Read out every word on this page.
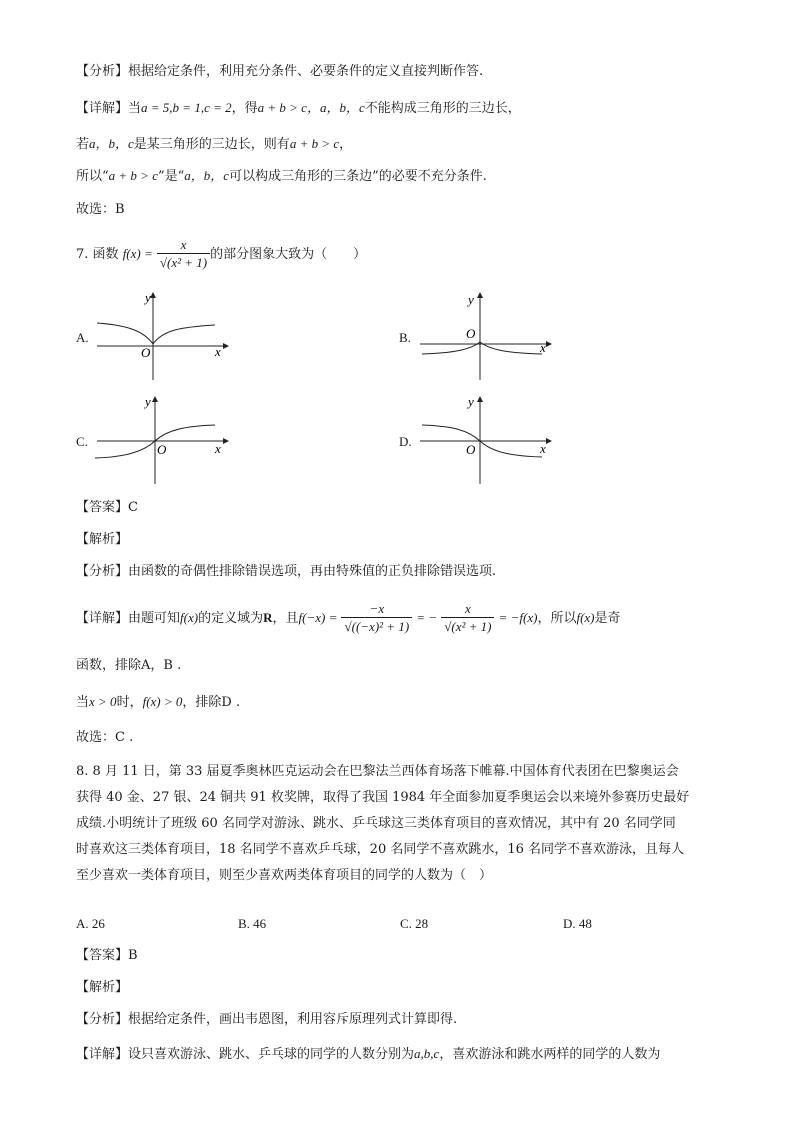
【分析】根据给定条件，利用充分条件、必要条件的定义直接判断作答.
【详解】当a = 5,b = 1,c = 2，得a + b > c，a，b，c不能构成三角形的三边长，
若a，b，c是某三角形的三边长，则有a + b > c，
所以“a + b > c”是“a，b，c可以构成三角形的三条边”的必要不充分条件.
故选：B
7. 函数 $f(x) = \frac{x}{\text{√(x² + 1)}}$ 的部分图象大致为（　　）
A.
y
x
O
B.
y
x
O
C.
y
x
O
D.
y
x
O
【答案】C
【解析】
【分析】由函数的奇偶性排除错误选项，再由特殊值的正负排除错误选项.
【详解】由题可知f(x)的定义域为R，且$f(-x) = \frac{-x}{\text{√((−x)² + 1)}}$ = − $\frac{x}{\text{√(x² + 1)}} = -f(x)$，所以f(x)是奇
函数，排除A，B .
当x > 0时，f(x) > 0，排除D .
故选：C .
8. 8 月 11 日，第 33 届夏季奥林匹克运动会在巴黎法兰西体育场落下帷幕.中国体育代表团在巴黎奥运会
获得 40 金、27 银、24 铜共 91 枚奖牌，取得了我国 1984 年全面参加夏季奥运会以来境外参赛历史最好
成绩.小明统计了班级 60 名同学对游泳、跳水、乒乓球这三类体育项目的喜欢情况，其中有 20 名同学同
时喜欢这三类体育项目，18 名同学不喜欢乒乓球，20 名同学不喜欢跳水，16 名同学不喜欢游泳，且每人
至少喜欢一类体育项目，则至少喜欢两类体育项目的同学的人数为（　）
A. 26	B. 46	C. 28	D. 48
【答案】B
【解析】
【分析】根据给定条件，画出韦恩图，利用容斥原理列式计算即得.
【详解】设只喜欢游泳、跳水、乒乓球的同学的人数分别为a,b,c，喜欢游泳和跳水两样的同学的人数为
